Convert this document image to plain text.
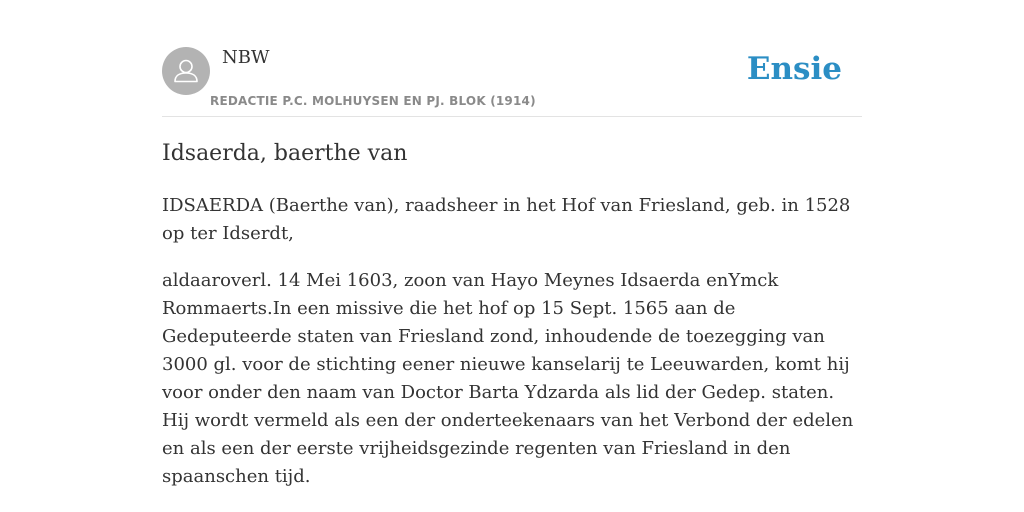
NBW
REDACTIE P.C. MOLHUYSEN EN PJ. BLOK (1914)
Ensie
Idsaerda, baerthe van

IDSAERDA (Baerthe van), raadsheer in het Hof van Friesland, geb. in 1528 op ter Idserdt,

aldaaroverl. 14 Mei 1603, zoon van Hayo Meynes Idsaerda enYmck Rommaerts.In een missive die het hof op 15 Sept. 1565 aan de Gedeputeerde staten van Friesland zond, inhoudende de toezegging van 3000 gl. voor de stichting eener nieuwe kanselarij te Leeuwarden, komt hij voor onder den naam van Doctor Barta Ydzarda als lid der Gedep. staten. Hij wordt vermeld als een der onderteekenaars van het Verbond der edelen en als een der eerste vrijheidsgezinde regenten van Friesland in den spaanschen tijd.
